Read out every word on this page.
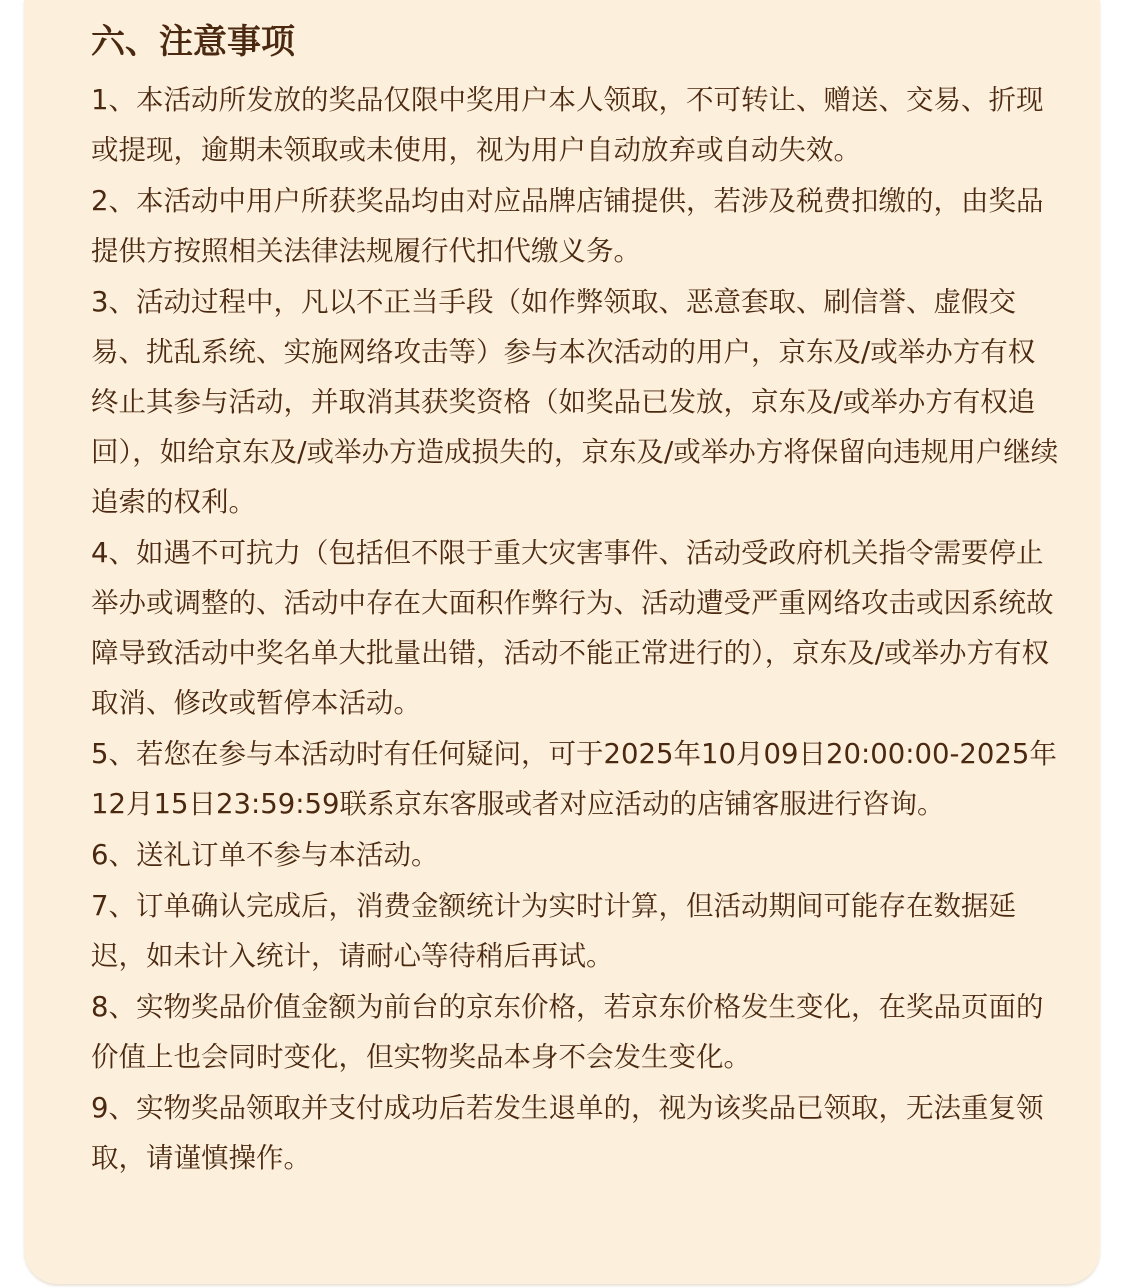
六、注意事项

1、本活动所发放的奖品仅限中奖用户本人领取，不可转让、赠送、交易、折现或提现，逾期未领取或未使用，视为用户自动放弃或自动失效。

2、本活动中用户所获奖品均由对应品牌店铺提供，若涉及税费扣缴的，由奖品提供方按照相关法律法规履行代扣代缴义务。

3、活动过程中，凡以不正当手段（如作弊领取、恶意套取、刷信誉、虚假交易、扰乱系统、实施网络攻击等）参与本次活动的用户，京东及/或举办方有权终止其参与活动，并取消其获奖资格（如奖品已发放，京东及/或举办方有权追回），如给京东及/或举办方造成损失的，京东及/或举办方将保留向违规用户继续追索的权利。

4、如遇不可抗力（包括但不限于重大灾害事件、活动受政府机关指令需要停止举办或调整的、活动中存在大面积作弊行为、活动遭受严重网络攻击或因系统故障导致活动中奖名单大批量出错，活动不能正常进行的），京东及/或举办方有权取消、修改或暂停本活动。

5、若您在参与本活动时有任何疑问，可于2025年10月09日20:00:00-2025年12月15日23:59:59联系京东客服或者对应活动的店铺客服进行咨询。

6、送礼订单不参与本活动。

7、订单确认完成后，消费金额统计为实时计算，但活动期间可能存在数据延迟，如未计入统计，请耐心等待稍后再试。

8、实物奖品价值金额为前台的京东价格，若京东价格发生变化，在奖品页面的价值上也会同时变化，但实物奖品本身不会发生变化。

9、实物奖品领取并支付成功后若发生退单的，视为该奖品已领取，无法重复领取，请谨慎操作。
